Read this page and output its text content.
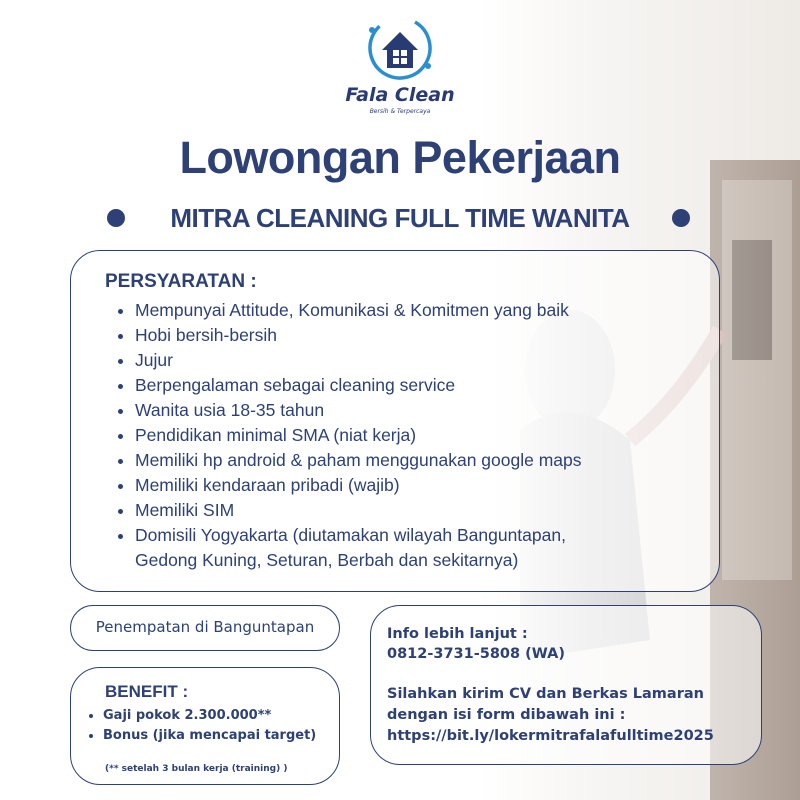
Fala Clean
Bersih & Terpercaya
Lowongan Pekerjaan
MITRA CLEANING FULL TIME WANITA
PERSYARATAN :
• Mempunyai Attitude, Komunikasi & Komitmen yang baik
• Hobi bersih-bersih
• Jujur
• Berpengalaman sebagai cleaning service
• Wanita usia 18-35 tahun
• Pendidikan minimal SMA (niat kerja)
• Memiliki hp android & paham menggunakan google maps
• Memiliki kendaraan pribadi (wajib)
• Memiliki SIM
• Domisili Yogyakarta (diutamakan wilayah Banguntapan,
Gedong Kuning, Seturan, Berbah dan sekitarnya)
Penempatan di Banguntapan
BENEFIT :
• Gaji pokok 2.300.000**
• Bonus (jika mencapai target)
(** setelah 3 bulan kerja (training) )
Info lebih lanjut :
0812-3731-5808 (WA)
Silahkan kirim CV dan Berkas Lamaran
dengan isi form dibawah ini :
https://bit.ly/lokermitrafalafulltime2025
